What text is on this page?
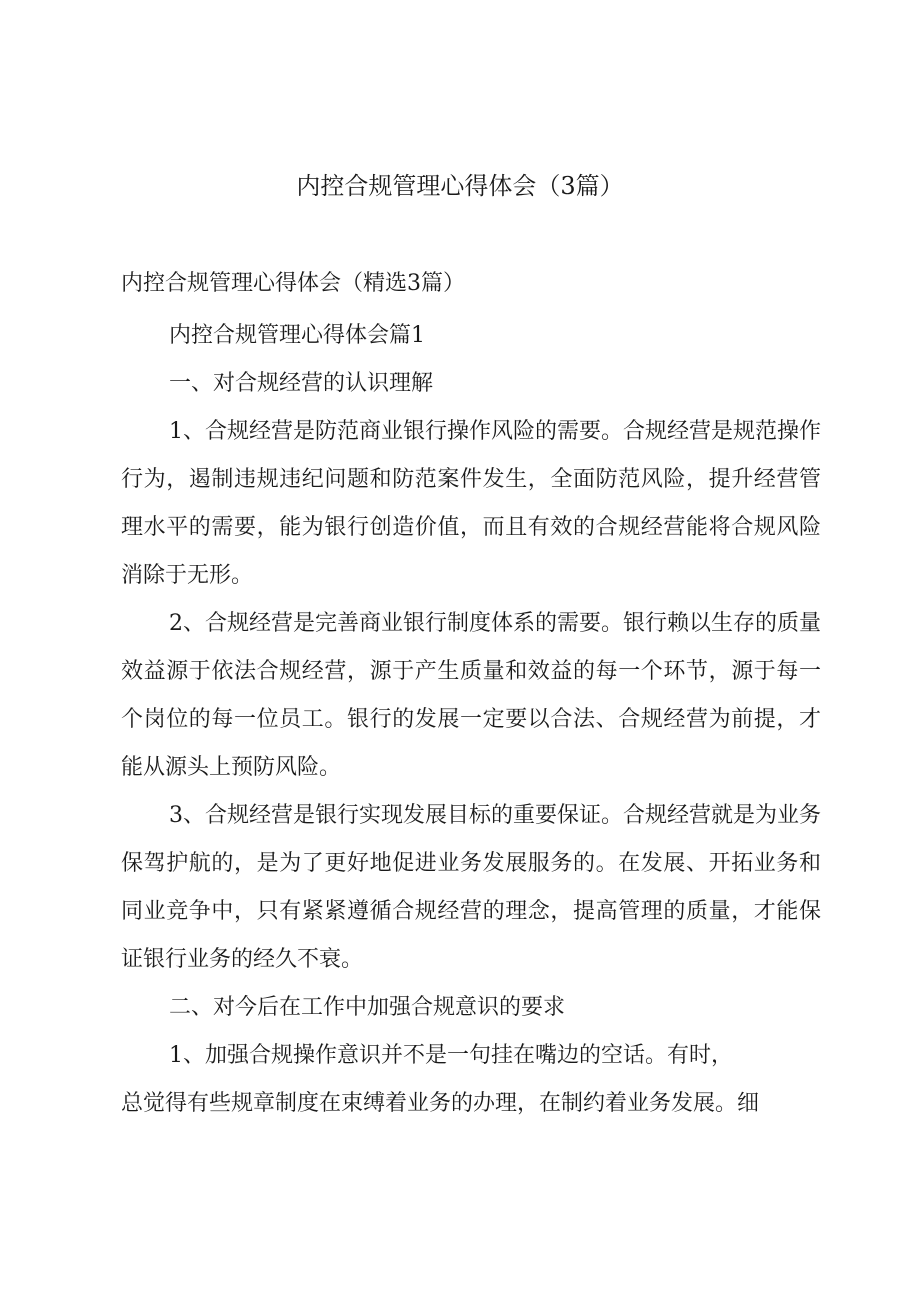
内控合规管理心得体会（3篇）
内控合规管理心得体会（精选3篇）

内控合规管理心得体会篇1

一、对合规经营的认识理解

1、合规经营是防范商业银行操作风险的需要。合规经营是规范操作行为，遏制违规违纪问题和防范案件发生，全面防范风险，提升经营管理水平的需要，能为银行创造价值，而且有效的合规经营能将合规风险消除于无形。

2、合规经营是完善商业银行制度体系的需要。银行赖以生存的质量效益源于依法合规经营，源于产生质量和效益的每一个环节，源于每一个岗位的每一位员工。银行的发展一定要以合法、合规经营为前提，才能从源头上预防风险。

3、合规经营是银行实现发展目标的重要保证。合规经营就是为业务保驾护航的，是为了更好地促进业务发展服务的。在发展、开拓业务和同业竞争中，只有紧紧遵循合规经营的理念，提高管理的质量，才能保证银行业务的经久不衰。

二、对今后在工作中加强合规意识的要求

1、加强合规操作意识并不是一句挂在嘴边的空话。有时，

总觉得有些规章制度在束缚着业务的办理，在制约着业务发展。细
